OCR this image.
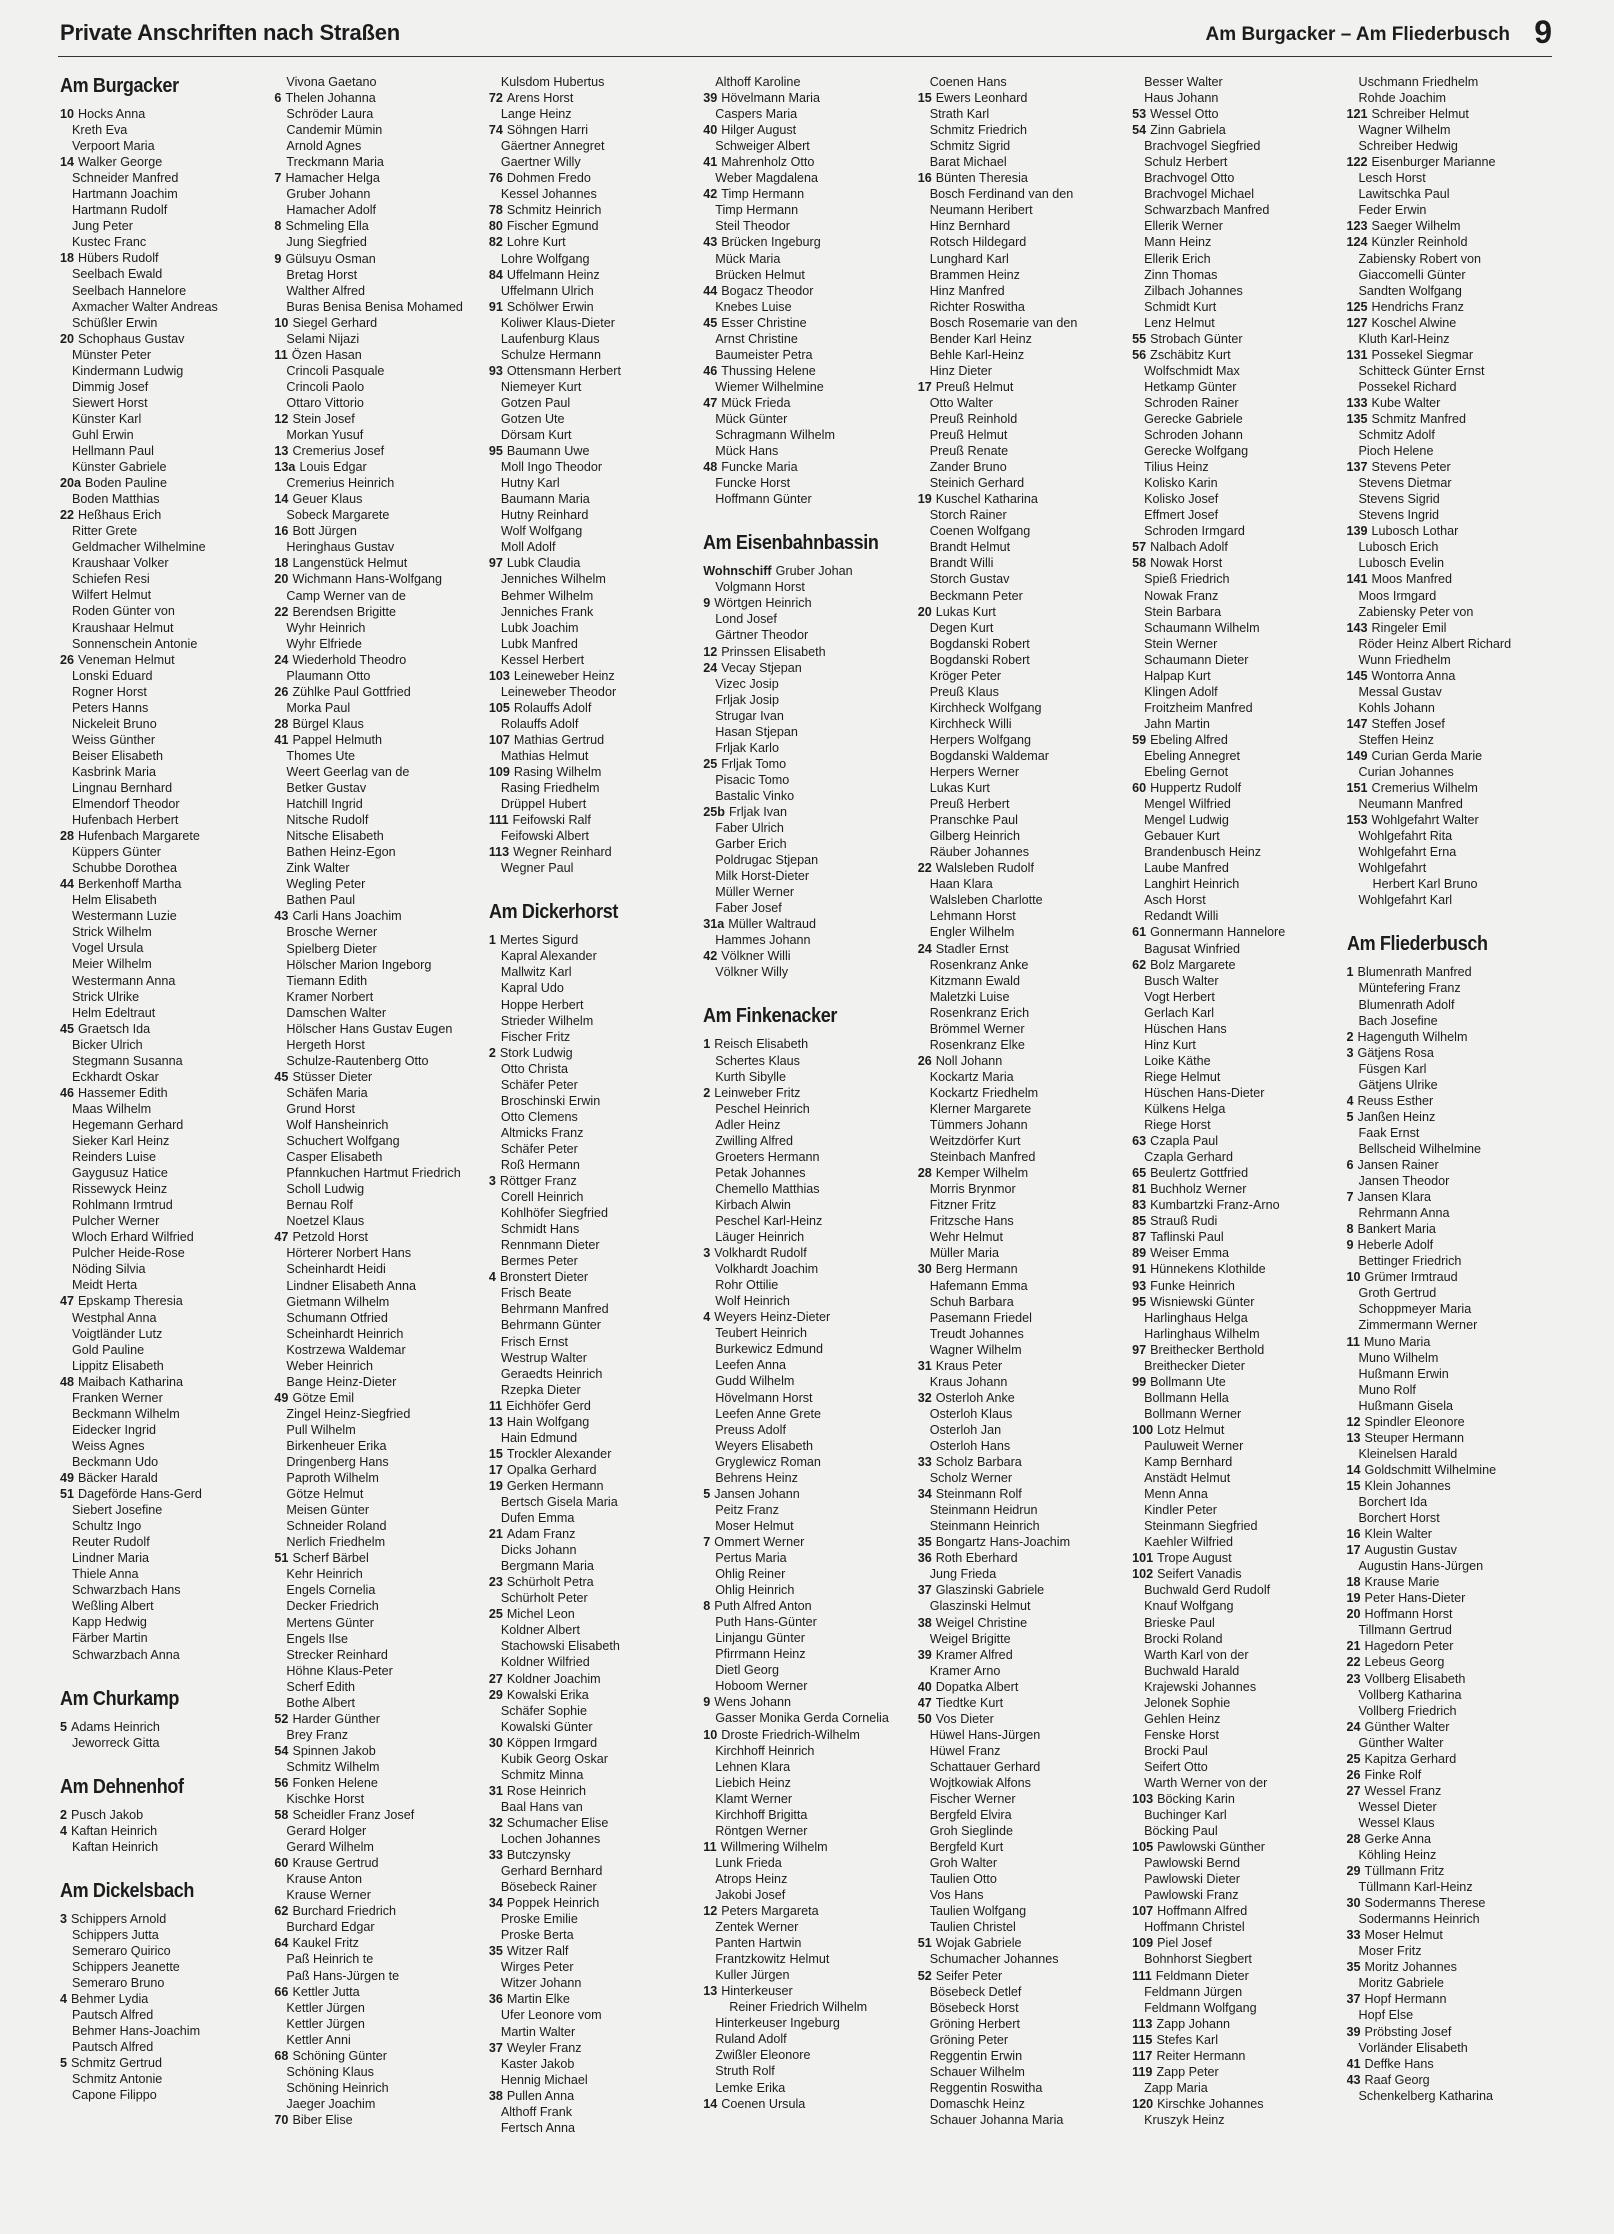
Private Anschriften nach Straßen	Am Burgacker – Am Fliederbusch 9
Am Burgacker
10 Hocks Anna
Kreth Eva
Verpoort Maria
14 Walker George
Schneider Manfred
Hartmann Joachim
Hartmann Rudolf
Jung Peter
Kustec Franc
18 Hübers Rudolf
Seelbach Ewald
Seelbach Hannelore
Axmacher Walter Andreas
Schüßler Erwin
20 Schophaus Gustav
Münster Peter
Kindermann Ludwig
Dimmig Josef
Siewert Horst
Künster Karl
Guhl Erwin
Hellmann Paul
Künster Gabriele
20a Boden Pauline
Boden Matthias
22 Heßhaus Erich
Ritter Grete
Geldmacher Wilhelmine
Kraushaar Volker
Schiefen Resi
Wilfert Helmut
Roden Günter von
Kraushaar Helmut
Sonnenschein Antonie
26 Veneman Helmut
Lonski Eduard
Rogner Horst
Peters Hanns
Nickeleit Bruno
Weiss Günther
Beiser Elisabeth
Kasbrink Maria
Lingnau Bernhard
Elmendorf Theodor
Hufenbach Herbert
28 Hufenbach Margarete
Küppers Günter
Schubbe Dorothea
44 Berkenhoff Martha
Helm Elisabeth
Westermann Luzie
Strick Wilhelm
Vogel Ursula
Meier Wilhelm
Westermann Anna
Strick Ulrike
Helm Edeltraut
45 Graetsch Ida
Bicker Ulrich
Stegmann Susanna
Eckhardt Oskar
46 Hassemer Edith
Maas Wilhelm
Hegemann Gerhard
Sieker Karl Heinz
Reinders Luise
Gaygusuz Hatice
Rissewyck Heinz
Rohlmann Irmtrud
Pulcher Werner
Wloch Erhard Wilfried
Pulcher Heide-Rose
Nöding Silvia
Meidt Herta
47 Epskamp Theresia
Westphal Anna
Voigtländer Lutz
Gold Pauline
Lippitz Elisabeth
48 Maibach Katharina
Franken Werner
Beckmann Wilhelm
Eidecker Ingrid
Weiss Agnes
Beckmann Udo
49 Bäcker Harald
51 Dageförde Hans-Gerd
Siebert Josefine
Schultz Ingo
Reuter Rudolf
Lindner Maria
Thiele Anna
Schwarzbach Hans
Weßling Albert
Kapp Hedwig
Färber Martin
Schwarzbach Anna
Am Churkamp
5 Adams Heinrich
Jeworreck Gitta
Am Dehnenhof
2 Pusch Jakob
4 Kaftan Heinrich
Kaftan Heinrich
Am Dickelsbach
3 Schippers Arnold
Schippers Jutta
Semeraro Quirico
Schippers Jeanette
Semeraro Bruno
4 Behmer Lydia
Pautsch Alfred
Behmer Hans-Joachim
Pautsch Alfred
5 Schmitz Gertrud
Schmitz Antonie
Capone Filippo
Vivona Gaetano
6 Thelen Johanna
Schröder Laura
Candemir Mümin
Arnold Agnes
Treckmann Maria
7 Hamacher Helga
Gruber Johann
Hamacher Adolf
8 Schmeling Ella
Jung Siegfried
9 Gülsuyu Osman
Bretag Horst
Walther Alfred
Buras Benisa Benisa Mohamed
10 Siegel Gerhard
Selami Nijazi
11 Özen Hasan
Crincoli Pasquale
Crincoli Paolo
Ottaro Vittorio
12 Stein Josef
Morkan Yusuf
13 Cremerius Josef
13a Louis Edgar
Cremerius Heinrich
14 Geuer Klaus
Sobeck Margarete
16 Bott Jürgen
Heringhaus Gustav
18 Langenstück Helmut
20 Wichmann Hans-Wolfgang
Camp Werner van de
22 Berendsen Brigitte
Wyhr Heinrich
Wyhr Elfriede
24 Wiederhold Theodro
Plaumann Otto
26 Zühlke Paul Gottfried
Morka Paul
28 Bürgel Klaus
41 Pappel Helmuth
Thomes Ute
Weert Geerlag van de
Betker Gustav
Hatchill Ingrid
Nitsche Rudolf
Nitsche Elisabeth
Bathen Heinz-Egon
Zink Walter
Wegling Peter
Bathen Paul
43 Carli Hans Joachim
Brosche Werner
Spielberg Dieter
Hölscher Marion Ingeborg
Tiemann Edith
Kramer Norbert
Damschen Walter
Hölscher Hans Gustav Eugen
Hergeth Horst
Schulze-Rautenberg Otto
45 Stüsser Dieter
Schäfen Maria
Grund Horst
Wolf Hansheinrich
Schuchert Wolfgang
Casper Elisabeth
Pfannkuchen Hartmut Friedrich
Scholl Ludwig
Bernau Rolf
Noetzel Klaus
47 Petzold Horst
Hörterer Norbert Hans
Scheinhardt Heidi
Lindner Elisabeth Anna
Gietmann Wilhelm
Schumann Otfried
Scheinhardt Heinrich
Kostrzewa Waldemar
Weber Heinrich
Bange Heinz-Dieter
49 Götze Emil
Zingel Heinz-Siegfried
Pull Wilhelm
Birkenheuer Erika
Dringenberg Hans
Paproth Wilhelm
Götze Helmut
Meisen Günter
Schneider Roland
Nerlich Friedhelm
51 Scherf Bärbel
Kehr Heinrich
Engels Cornelia
Decker Friedrich
Mertens Günter
Engels Ilse
Strecker Reinhard
Höhne Klaus-Peter
Scherf Edith
Bothe Albert
52 Harder Günther
Brey Franz
54 Spinnen Jakob
Schmitz Wilhelm
56 Fonken Helene
Kischke Horst
58 Scheidler Franz Josef
Gerard Holger
Gerard Wilhelm
60 Krause Gertrud
Krause Anton
Krause Werner
62 Burchard Friedrich
Burchard Edgar
64 Kaukel Fritz
Paß Heinrich te
Paß Hans-Jürgen te
66 Kettler Jutta
Kettler Jürgen
Kettler Jürgen
Kettler Anni
68 Schöning Günter
Schöning Klaus
Schöning Heinrich
Jaeger Joachim
70 Biber Elise
Kulsdom Hubertus
72 Arens Horst
Lange Heinz
74 Söhngen Harri
Gäertner Annegret
Gaertner Willy
76 Dohmen Fredo
Kessel Johannes
78 Schmitz Heinrich
80 Fischer Egmund
82 Lohre Kurt
Lohre Wolfgang
84 Uffelmann Heinz
Uffelmann Ulrich
91 Schölwer Erwin
Koliwer Klaus-Dieter
Laufenburg Klaus
Schulze Hermann
93 Ottensmann Herbert
Niemeyer Kurt
Gotzen Paul
Gotzen Ute
Dörsam Kurt
95 Baumann Uwe
Moll Ingo Theodor
Hutny Karl
Baumann Maria
Hutny Reinhard
Wolf Wolfgang
Moll Adolf
97 Lubk Claudia
Jenniches Wilhelm
Behmer Wilhelm
Jenniches Frank
Lubk Joachim
Lubk Manfred
Kessel Herbert
103 Leineweber Heinz
Leineweber Theodor
105 Rolauffs Adolf
Rolauffs Adolf
107 Mathias Gertrud
Mathias Helmut
109 Rasing Wilhelm
Rasing Friedhelm
Drüppel Hubert
111 Feifowski Ralf
Feifowski Albert
113 Wegner Reinhard
Wegner Paul
Am Dickerhorst
1 Mertes Sigurd
Kapral Alexander
Mallwitz Karl
Kapral Udo
Hoppe Herbert
Strieder Wilhelm
Fischer Fritz
2 Stork Ludwig
Otto Christa
Schäfer Peter
Broschinski Erwin
Otto Clemens
Altmicks Franz
Schäfer Peter
Roß Hermann
3 Röttger Franz
Corell Heinrich
Kohlhöfer Siegfried
Schmidt Hans
Rennmann Dieter
Bermes Peter
4 Bronstert Dieter
Frisch Beate
Behrmann Manfred
Behrmann Günter
Frisch Ernst
Westrup Walter
Geraedts Heinrich
Rzepka Dieter
11 Eichhöfer Gerd
13 Hain Wolfgang
Hain Edmund
15 Trockler Alexander
17 Opalka Gerhard
19 Gerken Hermann
Bertsch Gisela Maria
Dufen Emma
21 Adam Franz
Dicks Johann
Bergmann Maria
23 Schürholt Petra
Schürholt Peter
25 Michel Leon
Koldner Albert
Stachowski Elisabeth
Koldner Wilfried
27 Koldner Joachim
29 Kowalski Erika
Schäfer Sophie
Kowalski Günter
30 Köppen Irmgard
Kubik Georg Oskar
Schmitz Minna
31 Rose Heinrich
Baal Hans van
32 Schumacher Elise
Lochen Johannes
33 Butczynsky
Gerhard Bernhard
Bösebeck Rainer
34 Poppek Heinrich
Proske Emilie
Proske Berta
35 Witzer Ralf
Wirges Peter
Witzer Johann
36 Martin Elke
Ufer Leonore vom
Martin Walter
37 Weyler Franz
Kaster Jakob
Hennig Michael
38 Pullen Anna
Althoff Frank
Fertsch Anna
Althoff Karoline
39 Hövelmann Maria
Caspers Maria
40 Hilger August
Schweiger Albert
41 Mahrenholz Otto
Weber Magdalena
42 Timp Hermann
Timp Hermann
Steil Theodor
43 Brücken Ingeburg
Mück Maria
Brücken Helmut
44 Bogacz Theodor
Knebes Luise
45 Esser Christine
Arnst Christine
Baumeister Petra
46 Thussing Helene
Wiemer Wilhelmine
47 Mück Frieda
Mück Günter
Schragmann Wilhelm
Mück Hans
48 Funcke Maria
Funcke Horst
Hoffmann Günter
Am Eisenbahnbassin
Wohnschiff Gruber Johan
Volgmann Horst
9 Wörtgen Heinrich
Lond Josef
Gärtner Theodor
12 Prinssen Elisabeth
24 Vecay Stjepan
Vizec Josip
Frljak Josip
Strugar Ivan
Hasan Stjepan
Frljak Karlo
25 Frljak Tomo
Pisacic Tomo
Bastalic Vinko
25b Frljak Ivan
Faber Ulrich
Garber Erich
Poldrugac Stjepan
Milk Horst-Dieter
Müller Werner
Faber Josef
31a Müller Waltraud
Hammes Johann
42 Völkner Willi
Völkner Willy
Am Finkenacker
1 Reisch Elisabeth
Schertes Klaus
Kurth Sibylle
2 Leinweber Fritz
Peschel Heinrich
Adler Heinz
Zwilling Alfred
Groeters Hermann
Petak Johannes
Chemello Matthias
Kirbach Alwin
Peschel Karl-Heinz
Läuger Heinrich
3 Volkhardt Rudolf
Volkhardt Joachim
Rohr Ottilie
Wolf Heinrich
4 Weyers Heinz-Dieter
Teubert Heinrich
Burkewicz Edmund
Leefen Anna
Gudd Wilhelm
Hövelmann Horst
Leefen Anne Grete
Preuss Adolf
Weyers Elisabeth
Gryglewicz Roman
Behrens Heinz
5 Jansen Johann
Peitz Franz
Moser Helmut
7 Ommert Werner
Pertus Maria
Ohlig Reiner
Ohlig Heinrich
8 Puth Alfred Anton
Puth Hans-Günter
Linjangu Günter
Pfirrmann Heinz
Dietl Georg
Hoboom Werner
9 Wens Johann
Gasser Monika Gerda Cornelia
10 Droste Friedrich-Wilhelm
Kirchhoff Heinrich
Lehnen Klara
Liebich Heinz
Klamt Werner
Kirchhoff Brigitta
Röntgen Werner
11 Willmering Wilhelm
Lunk Frieda
Atrops Heinz
Jakobi Josef
12 Peters Margareta
Zentek Werner
Panten Hartwin
Frantzkowitz Helmut
Kuller Jürgen
13 Hinterkeuser
Reiner Friedrich Wilhelm
Hinterkeuser Ingeburg
Ruland Adolf
Zwißler Eleonore
Struth Rolf
Lemke Erika
14 Coenen Ursula
Coenen Hans
15 Ewers Leonhard
Strath Karl
Schmitz Friedrich
Schmitz Sigrid
Barat Michael
16 Bünten Theresia
Bosch Ferdinand van den
Neumann Heribert
Hinz Bernhard
Rotsch Hildegard
Lunghard Karl
Brammen Heinz
Hinz Manfred
Richter Roswitha
Bosch Rosemarie van den
Bender Karl Heinz
Behle Karl-Heinz
Hinz Dieter
17 Preuß Helmut
Otto Walter
Preuß Reinhold
Preuß Helmut
Preuß Renate
Zander Bruno
Steinich Gerhard
19 Kuschel Katharina
Storch Rainer
Coenen Wolfgang
Brandt Helmut
Brandt Willi
Storch Gustav
Beckmann Peter
20 Lukas Kurt
Degen Kurt
Bogdanski Robert
Bogdanski Robert
Kröger Peter
Preuß Klaus
Kirchheck Wolfgang
Kirchheck Willi
Herpers Wolfgang
Bogdanski Waldemar
Herpers Werner
Lukas Kurt
Preuß Herbert
Pranschke Paul
Gilberg Heinrich
Räuber Johannes
22 Walsleben Rudolf
Haan Klara
Walsleben Charlotte
Lehmann Horst
Engler Wilhelm
24 Stadler Ernst
Rosenkranz Anke
Kitzmann Ewald
Maletzki Luise
Rosenkranz Erich
Brömmel Werner
Rosenkranz Elke
26 Noll Johann
Kockartz Maria
Kockartz Friedhelm
Klerner Margarete
Tümmers Johann
Weitzdörfer Kurt
Steinbach Manfred
28 Kemper Wilhelm
Morris Brynmor
Fitzner Fritz
Fritzsche Hans
Wehr Helmut
Müller Maria
30 Berg Hermann
Hafemann Emma
Schuh Barbara
Pasemann Friedel
Treudt Johannes
Wagner Wilhelm
31 Kraus Peter
Kraus Johann
32 Osterloh Anke
Osterloh Klaus
Osterloh Jan
Osterloh Hans
33 Scholz Barbara
Scholz Werner
34 Steinmann Rolf
Steinmann Heidrun
Steinmann Heinrich
35 Bongartz Hans-Joachim
36 Roth Eberhard
Jung Frieda
37 Glaszinski Gabriele
Glaszinski Helmut
38 Weigel Christine
Weigel Brigitte
39 Kramer Alfred
Kramer Arno
40 Dopatka Albert
47 Tiedtke Kurt
50 Vos Dieter
Hüwel Hans-Jürgen
Hüwel Franz
Schattauer Gerhard
Wojtkowiak Alfons
Fischer Werner
Bergfeld Elvira
Groh Sieglinde
Bergfeld Kurt
Groh Walter
Taulien Otto
Vos Hans
Taulien Wolfgang
Taulien Christel
51 Wojak Gabriele
Schumacher Johannes
52 Seifer Peter
Bösebeck Detlef
Bösebeck Horst
Gröning Herbert
Gröning Peter
Reggentin Erwin
Schauer Wilhelm
Reggentin Roswitha
Domaschk Heinz
Schauer Johanna Maria
Besser Walter
Haus Johann
53 Wessel Otto
54 Zinn Gabriela
Brachvogel Siegfried
Schulz Herbert
Brachvogel Otto
Brachvogel Michael
Schwarzbach Manfred
Ellerik Werner
Mann Heinz
Ellerik Erich
Zinn Thomas
Zilbach Johannes
Schmidt Kurt
Lenz Helmut
55 Strobach Günter
56 Zschäbitz Kurt
Wolfschmidt Max
Hetkamp Günter
Schroden Rainer
Gerecke Gabriele
Schroden Johann
Gerecke Wolfgang
Tilius Heinz
Kolisko Karin
Kolisko Josef
Effmert Josef
Schroden Irmgard
57 Nalbach Adolf
58 Nowak Horst
Spieß Friedrich
Nowak Franz
Stein Barbara
Schaumann Wilhelm
Stein Werner
Schaumann Dieter
Halpap Kurt
Klingen Adolf
Froitzheim Manfred
Jahn Martin
59 Ebeling Alfred
Ebeling Annegret
Ebeling Gernot
60 Huppertz Rudolf
Mengel Wilfried
Mengel Ludwig
Gebauer Kurt
Brandenbusch Heinz
Laube Manfred
Langhirt Heinrich
Asch Horst
Redandt Willi
61 Gonnermann Hannelore
Bagusat Winfried
62 Bolz Margarete
Busch Walter
Vogt Herbert
Gerlach Karl
Hüschen Hans
Hinz Kurt
Loike Käthe
Riege Helmut
Hüschen Hans-Dieter
Külkens Helga
Riege Horst
63 Czapla Paul
Czapla Gerhard
65 Beulertz Gottfried
81 Buchholz Werner
83 Kumbartzki Franz-Arno
85 Strauß Rudi
87 Taflinski Paul
89 Weiser Emma
91 Hünnekens Klothilde
93 Funke Heinrich
95 Wisniewski Günter
Harlinghaus Helga
Harlinghaus Wilhelm
97 Breithecker Berthold
Breithecker Dieter
99 Bollmann Ute
Bollmann Hella
Bollmann Werner
100 Lotz Helmut
Pauluweit Werner
Kamp Bernhard
Anstädt Helmut
Menn Anna
Kindler Peter
Steinmann Siegfried
Kaehler Wilfried
101 Trope August
102 Seifert Vanadis
Buchwald Gerd Rudolf
Knauf Wolfgang
Brieske Paul
Brocki Roland
Warth Karl von der
Buchwald Harald
Krajewski Johannes
Jelonek Sophie
Gehlen Heinz
Fenske Horst
Brocki Paul
Seifert Otto
Warth Werner von der
103 Böcking Karin
Buchinger Karl
Böcking Paul
105 Pawlowski Günther
Pawlowski Bernd
Pawlowski Dieter
Pawlowski Franz
107 Hoffmann Alfred
Hoffmann Christel
109 Piel Josef
Bohnhorst Siegbert
111 Feldmann Dieter
Feldmann Jürgen
Feldmann Wolfgang
113 Zapp Johann
115 Stefes Karl
117 Reiter Hermann
119 Zapp Peter
Zapp Maria
120 Kirschke Johannes
Kruszyk Heinz
Uschmann Friedhelm
Rohde Joachim
121 Schreiber Helmut
Wagner Wilhelm
Schreiber Hedwig
122 Eisenburger Marianne
Lesch Horst
Lawitschka Paul
Feder Erwin
123 Saeger Wilhelm
124 Künzler Reinhold
Zabiensky Robert von
Giaccomelli Günter
Sandten Wolfgang
125 Hendrichs Franz
127 Koschel Alwine
Kluth Karl-Heinz
131 Possekel Siegmar
Schitteck Günter Ernst
Possekel Richard
133 Kube Walter
135 Schmitz Manfred
Schmitz Adolf
Pioch Helene
137 Stevens Peter
Stevens Dietmar
Stevens Sigrid
Stevens Ingrid
139 Lubosch Lothar
Lubosch Erich
Lubosch Evelin
141 Moos Manfred
Moos Irmgard
Zabiensky Peter von
143 Ringeler Emil
Röder Heinz Albert Richard
Wunn Friedhelm
145 Wontorra Anna
Messal Gustav
Kohls Johann
147 Steffen Josef
Steffen Heinz
149 Curian Gerda Marie
Curian Johannes
151 Cremerius Wilhelm
Neumann Manfred
153 Wohlgefahrt Walter
Wohlgefahrt Rita
Wohlgefahrt Erna
Wohlgefahrt
Herbert Karl Bruno
Wohlgefahrt Karl
Am Fliederbusch
1 Blumenrath Manfred
Müntefering Franz
Blumenrath Adolf
Bach Josefine
2 Hagenguth Wilhelm
3 Gätjens Rosa
Füsgen Karl
Gätjens Ulrike
4 Reuss Esther
5 Janßen Heinz
Faak Ernst
Bellscheid Wilhelmine
6 Jansen Rainer
Jansen Theodor
7 Jansen Klara
Rehrmann Anna
8 Bankert Maria
9 Heberle Adolf
Bettinger Friedrich
10 Grümer Irmtraud
Groth Gertrud
Schoppmeyer Maria
Zimmermann Werner
11 Muno Maria
Muno Wilhelm
Hußmann Erwin
Muno Rolf
Hußmann Gisela
12 Spindler Eleonore
13 Steuper Hermann
Kleinelsen Harald
14 Goldschmitt Wilhelmine
15 Klein Johannes
Borchert Ida
Borchert Horst
16 Klein Walter
17 Augustin Gustav
Augustin Hans-Jürgen
18 Krause Marie
19 Peter Hans-Dieter
20 Hoffmann Horst
Tillmann Gertrud
21 Hagedorn Peter
22 Lebeus Georg
23 Vollberg Elisabeth
Vollberg Katharina
Vollberg Friedrich
24 Günther Walter
Günther Walter
25 Kapitza Gerhard
26 Finke Rolf
27 Wessel Franz
Wessel Dieter
Wessel Klaus
28 Gerke Anna
Köhling Heinz
29 Tüllmann Fritz
Tüllmann Karl-Heinz
30 Sodermanns Therese
Sodermanns Heinrich
33 Moser Helmut
Moser Fritz
35 Moritz Johannes
Moritz Gabriele
37 Hopf Hermann
Hopf Else
39 Pröbsting Josef
Vorländer Elisabeth
41 Deffke Hans
43 Raaf Georg
Schenkelberg Katharina
